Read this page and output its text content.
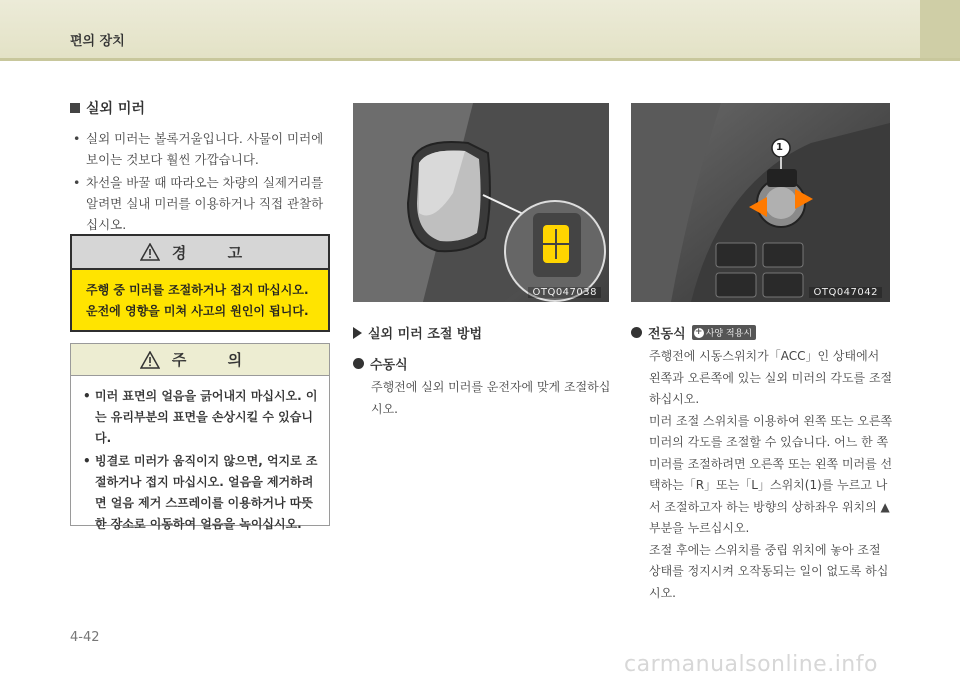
편의 장치
실외 미러
• 실외 미러는 볼록거울입니다. 사물이 미러에 보이는 것보다 훨씬 가깝습니다.
• 차선을 바꿀 때 따라오는 차량의 실제거리를 알려면 실내 미러를 이용하거나 직접 관찰하십시오.
경 고
주행 중 미러를 조절하거나 접지 마십시오.
운전에 영향을 미쳐 사고의 원인이 됩니다.
주 의
• 미러 표면의 얼음을 긁어내지 마십시오. 이는 유리부분의 표면을 손상시킬 수 있습니다.
• 빙결로 미러가 움직이지 않으면, 억지로 조절하거나 접지 마십시오. 얼음을 제거하려면 얼음 제거 스프레이를 이용하거나 따뜻한 장소로 이동하여 얼음을 녹이십시오.
OTQ047038
1
OTQ047042
실외 미러 조절 방법
수동식
주행전에 실외 미러를 운전자에 맞게 조절하십시오.
전동식 + 사양 적용시
주행전에 시동스위치가「ACC」인 상태에서 왼쪽과 오른쪽에 있는 실외 미러의 각도를 조절하십시오.
미러 조절 스위치를 이용하여 왼쪽 또는 오른쪽 미러의 각도를 조절할 수 있습니다. 어느 한 쪽 미러를 조절하려면 오른쪽 또는 왼쪽 미러를 선택하는「R」또는「L」스위치(1)를 누르고 나서 조절하고자 하는 방향의 상하좌우 위치의 ▲ 부분을 누르십시오.
조절 후에는 스위치를 중립 위치에 놓아 조절 상태를 정지시켜 오작동되는 일이 없도록 하십시오.
4-42
carmanualsonline.info
